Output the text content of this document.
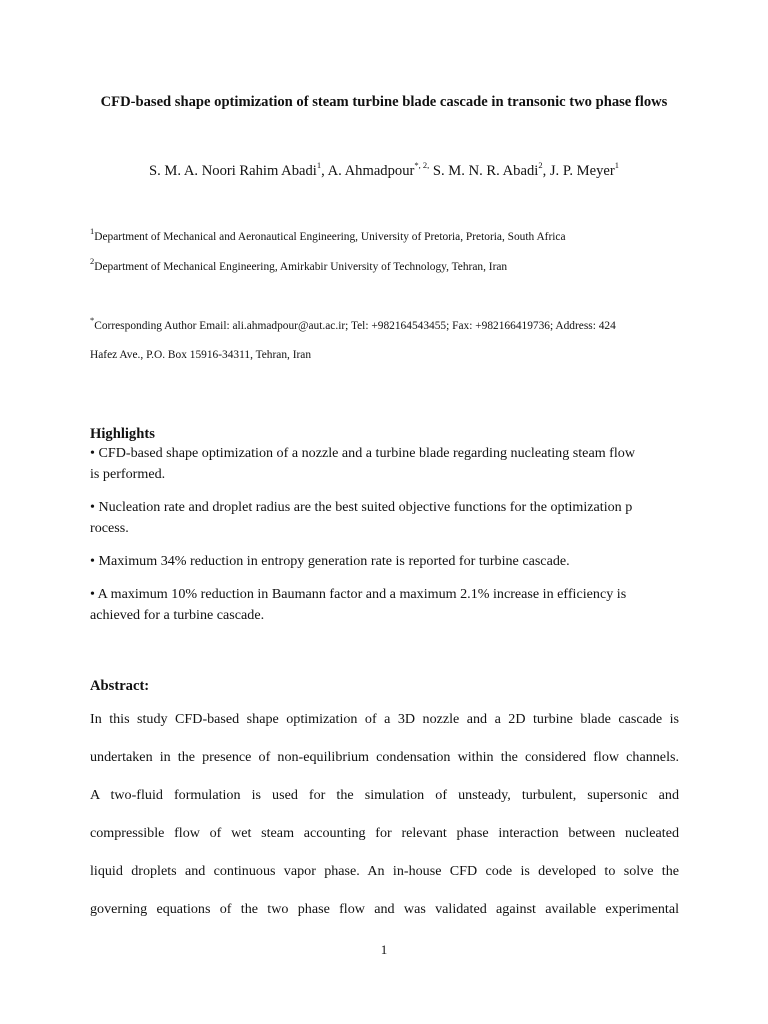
CFD-based shape optimization of steam turbine blade cascade in transonic two phase flows
S. M. A. Noori Rahim Abadi$^1$, A. Ahmadpour$^{*, 2,}$ S. M. N. R. Abadi$^2$, J. P. Meyer$^1$
$^1$Department of Mechanical and Aeronautical Engineering, University of Pretoria, Pretoria, South Africa
$^2$Department of Mechanical Engineering, Amirkabir University of Technology, Tehran, Iran
*Corresponding Author Email: ali.ahmadpour@aut.ac.ir; Tel: +982164543455; Fax: +982166419736; Address: 424
Hafez Ave., P.O. Box 15916-34311, Tehran, Iran
Highlights
• CFD-based shape optimization of a nozzle and a turbine blade regarding nucleating steam flow
is performed.
• Nucleation rate and droplet radius are the best suited objective functions for the optimization p
rocess.
• Maximum 34% reduction in entropy generation rate is reported for turbine cascade.
• A maximum 10% reduction in Baumann factor and a maximum 2.1% increase in efficiency is
achieved for a turbine cascade.
Abstract:
In this study CFD-based shape optimization of a 3D nozzle and a 2D turbine blade cascade is
undertaken in the presence of non-equilibrium condensation within the considered flow channels.
A two-fluid formulation is used for the simulation of unsteady, turbulent, supersonic and
compressible flow of wet steam accounting for relevant phase interaction between nucleated
liquid droplets and continuous vapor phase. An in-house CFD code is developed to solve the
governing equations of the two phase flow and was validated against available experimental
1
